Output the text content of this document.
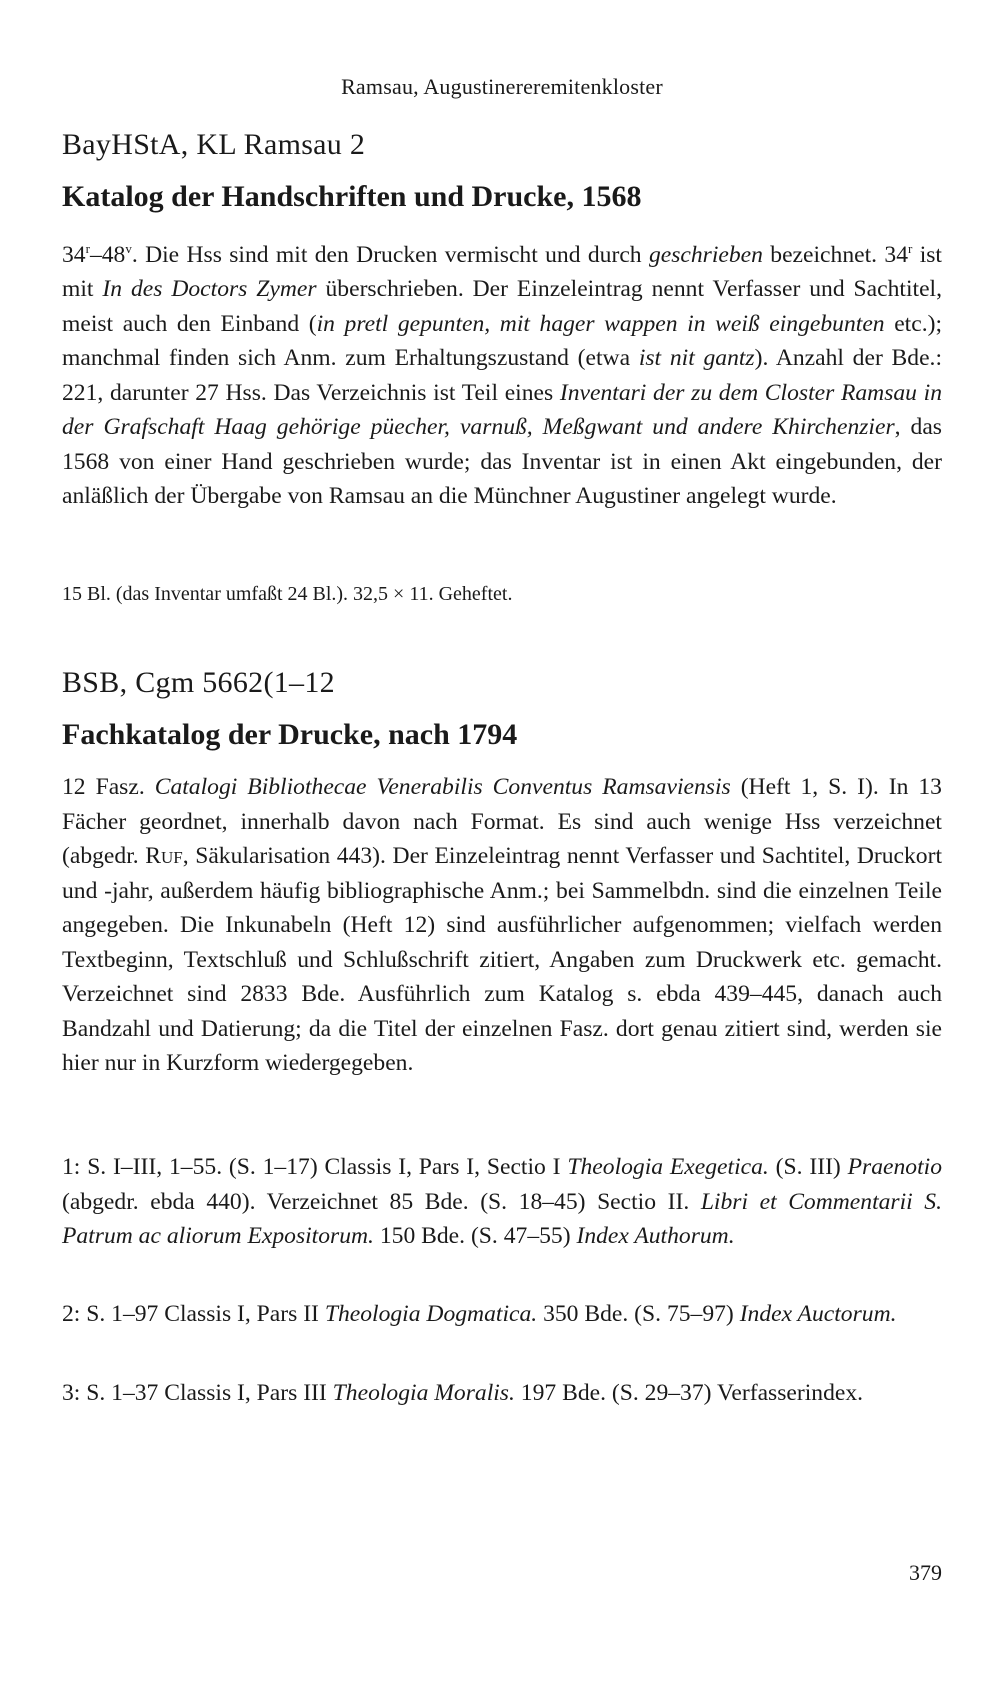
Ramsau, Augustinereremitenkloster
BayHStA, KL Ramsau 2
Katalog der Handschriften und Drucke, 1568
34$^r$–48$^v$. Die Hss sind mit den Drucken vermischt und durch geschrieben bezeichnet. 34$^r$ ist mit In des Doctors Zymer überschrieben. Der Einzeleintrag nennt Verfasser und Sachtitel, meist auch den Einband (in pretl gepunten, mit hager wappen in weiß eingebunten etc.); manchmal finden sich Anm. zum Erhaltungszustand (etwa ist nit gantz). Anzahl der Bde.: 221, darunter 27 Hss. Das Verzeichnis ist Teil eines Inventari der zu dem Closter Ramsau in der Grafschaft Haag gehörige püecher, varnuß, Meßgwant und andere Khirchenzier, das 1568 von einer Hand geschrieben wurde; das Inventar ist in einen Akt eingebunden, der anläßlich der Übergabe von Ramsau an die Münchner Augustiner angelegt wurde.
15 Bl. (das Inventar umfaßt 24 Bl.). 32,5 × 11. Geheftet.
BSB, Cgm 5662(1–12
Fachkatalog der Drucke, nach 1794
12 Fasz. Catalogi Bibliothecae Venerabilis Conventus Ramsaviensis (Heft 1, S. I). In 13 Fächer geordnet, innerhalb davon nach Format. Es sind auch wenige Hss verzeichnet (abgedr. Ruf, Säkularisation 443). Der Einzeleintrag nennt Verfasser und Sachtitel, Druckort und -jahr, außerdem häufig bibliographische Anm.; bei Sammelbdn. sind die einzelnen Teile angegeben. Die Inkunabeln (Heft 12) sind ausführlicher aufgenommen; vielfach werden Textbeginn, Textschluß und Schlußschrift zitiert, Angaben zum Druckwerk etc. gemacht. Verzeichnet sind 2833 Bde. Ausführlich zum Katalog s. ebda 439–445, danach auch Bandzahl und Datierung; da die Titel der einzelnen Fasz. dort genau zitiert sind, werden sie hier nur in Kurzform wiedergegeben.
1: S. I–III, 1–55. (S. 1–17) Classis I, Pars I, Sectio I Theologia Exegetica. (S. III) Praenotio (abgedr. ebda 440). Verzeichnet 85 Bde. (S. 18–45) Sectio II. Libri et Commentarii S. Patrum ac aliorum Expositorum. 150 Bde. (S. 47–55) Index Authorum.
2: S. 1–97 Classis I, Pars II Theologia Dogmatica. 350 Bde. (S. 75–97) Index Auctorum.
3: S. 1–37 Classis I, Pars III Theologia Moralis. 197 Bde. (S. 29–37) Verfasserindex.
379
